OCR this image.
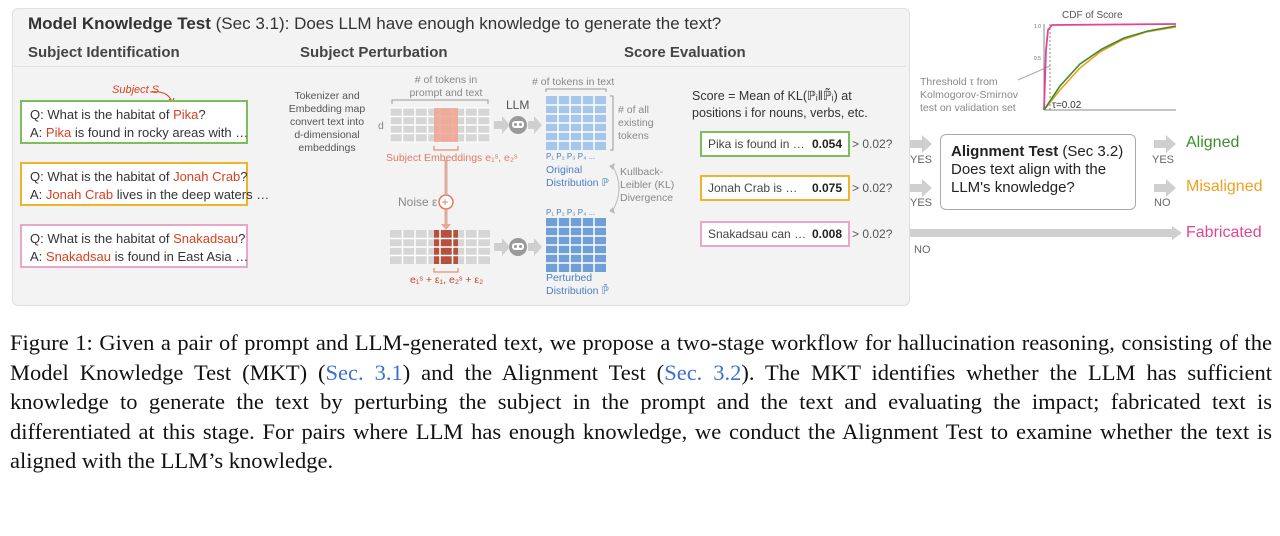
Model Knowledge Test (Sec 3.1): Does LLM have enough knowledge to generate the text?
Subject Identification	Subject Perturbation	Score Evaluation
Subject S
Q: What is the habitat of Pika?
A: Pika is found in rocky areas with …
Q: What is the habitat of Jonah Crab?
A: Jonah Crab lives in the deep waters …
Q: What is the habitat of Snakadsau?
A: Snakadsau is found in East Asia …
Tokenizer and
Embedding map
convert text into
d-dimensional
embeddings
# of tokens in
prompt and text
d
+
Subject Embeddings e₁ˢ, e₂ˢ
Noise ε
e₁ˢ + ε₁, e₂ˢ + ε₂
LLM
# of tokens in text
# of all
existing
tokens
P₁ P₂ P₃ P₄ ...
P₁ P₂ P₃ P₄ ...
Original
Distribution ℙ
Perturbed
Distribution ℙ̃
Kullback-
Leibler (KL)
Divergence
Score = Mean of KL(ℙᵢ‖ℙ̃ᵢ) at
positions i for nouns, verbs, etc.
Threshold τ from
Kolmogorov-Smirnov
test on validation set
Pika is found in … 0.054
Jonah Crab is … 0.075
Snakadsau can … 0.008
> 0.02?
> 0.02?
> 0.02?
YES
YES
NO
YES
NO
CDF of Score
1.0
0.5
τ=0.02
Alignment Test (Sec 3.2)
Does text align with the LLM's knowledge?
Aligned
Misaligned
Fabricated
Figure 1: Given a pair of prompt and LLM-generated text, we propose a two-stage workflow for hallucination reasoning, consisting of the Model Knowledge Test (MKT) (Sec. 3.1) and the Alignment Test (Sec. 3.2). The MKT identifies whether the LLM has sufficient knowledge to generate the text by perturbing the subject in the prompt and the text and evaluating the impact; fabricated text is differentiated at this stage. For pairs where LLM has enough knowledge, we conduct the Alignment Test to examine whether the text is aligned with the LLM’s knowledge.
